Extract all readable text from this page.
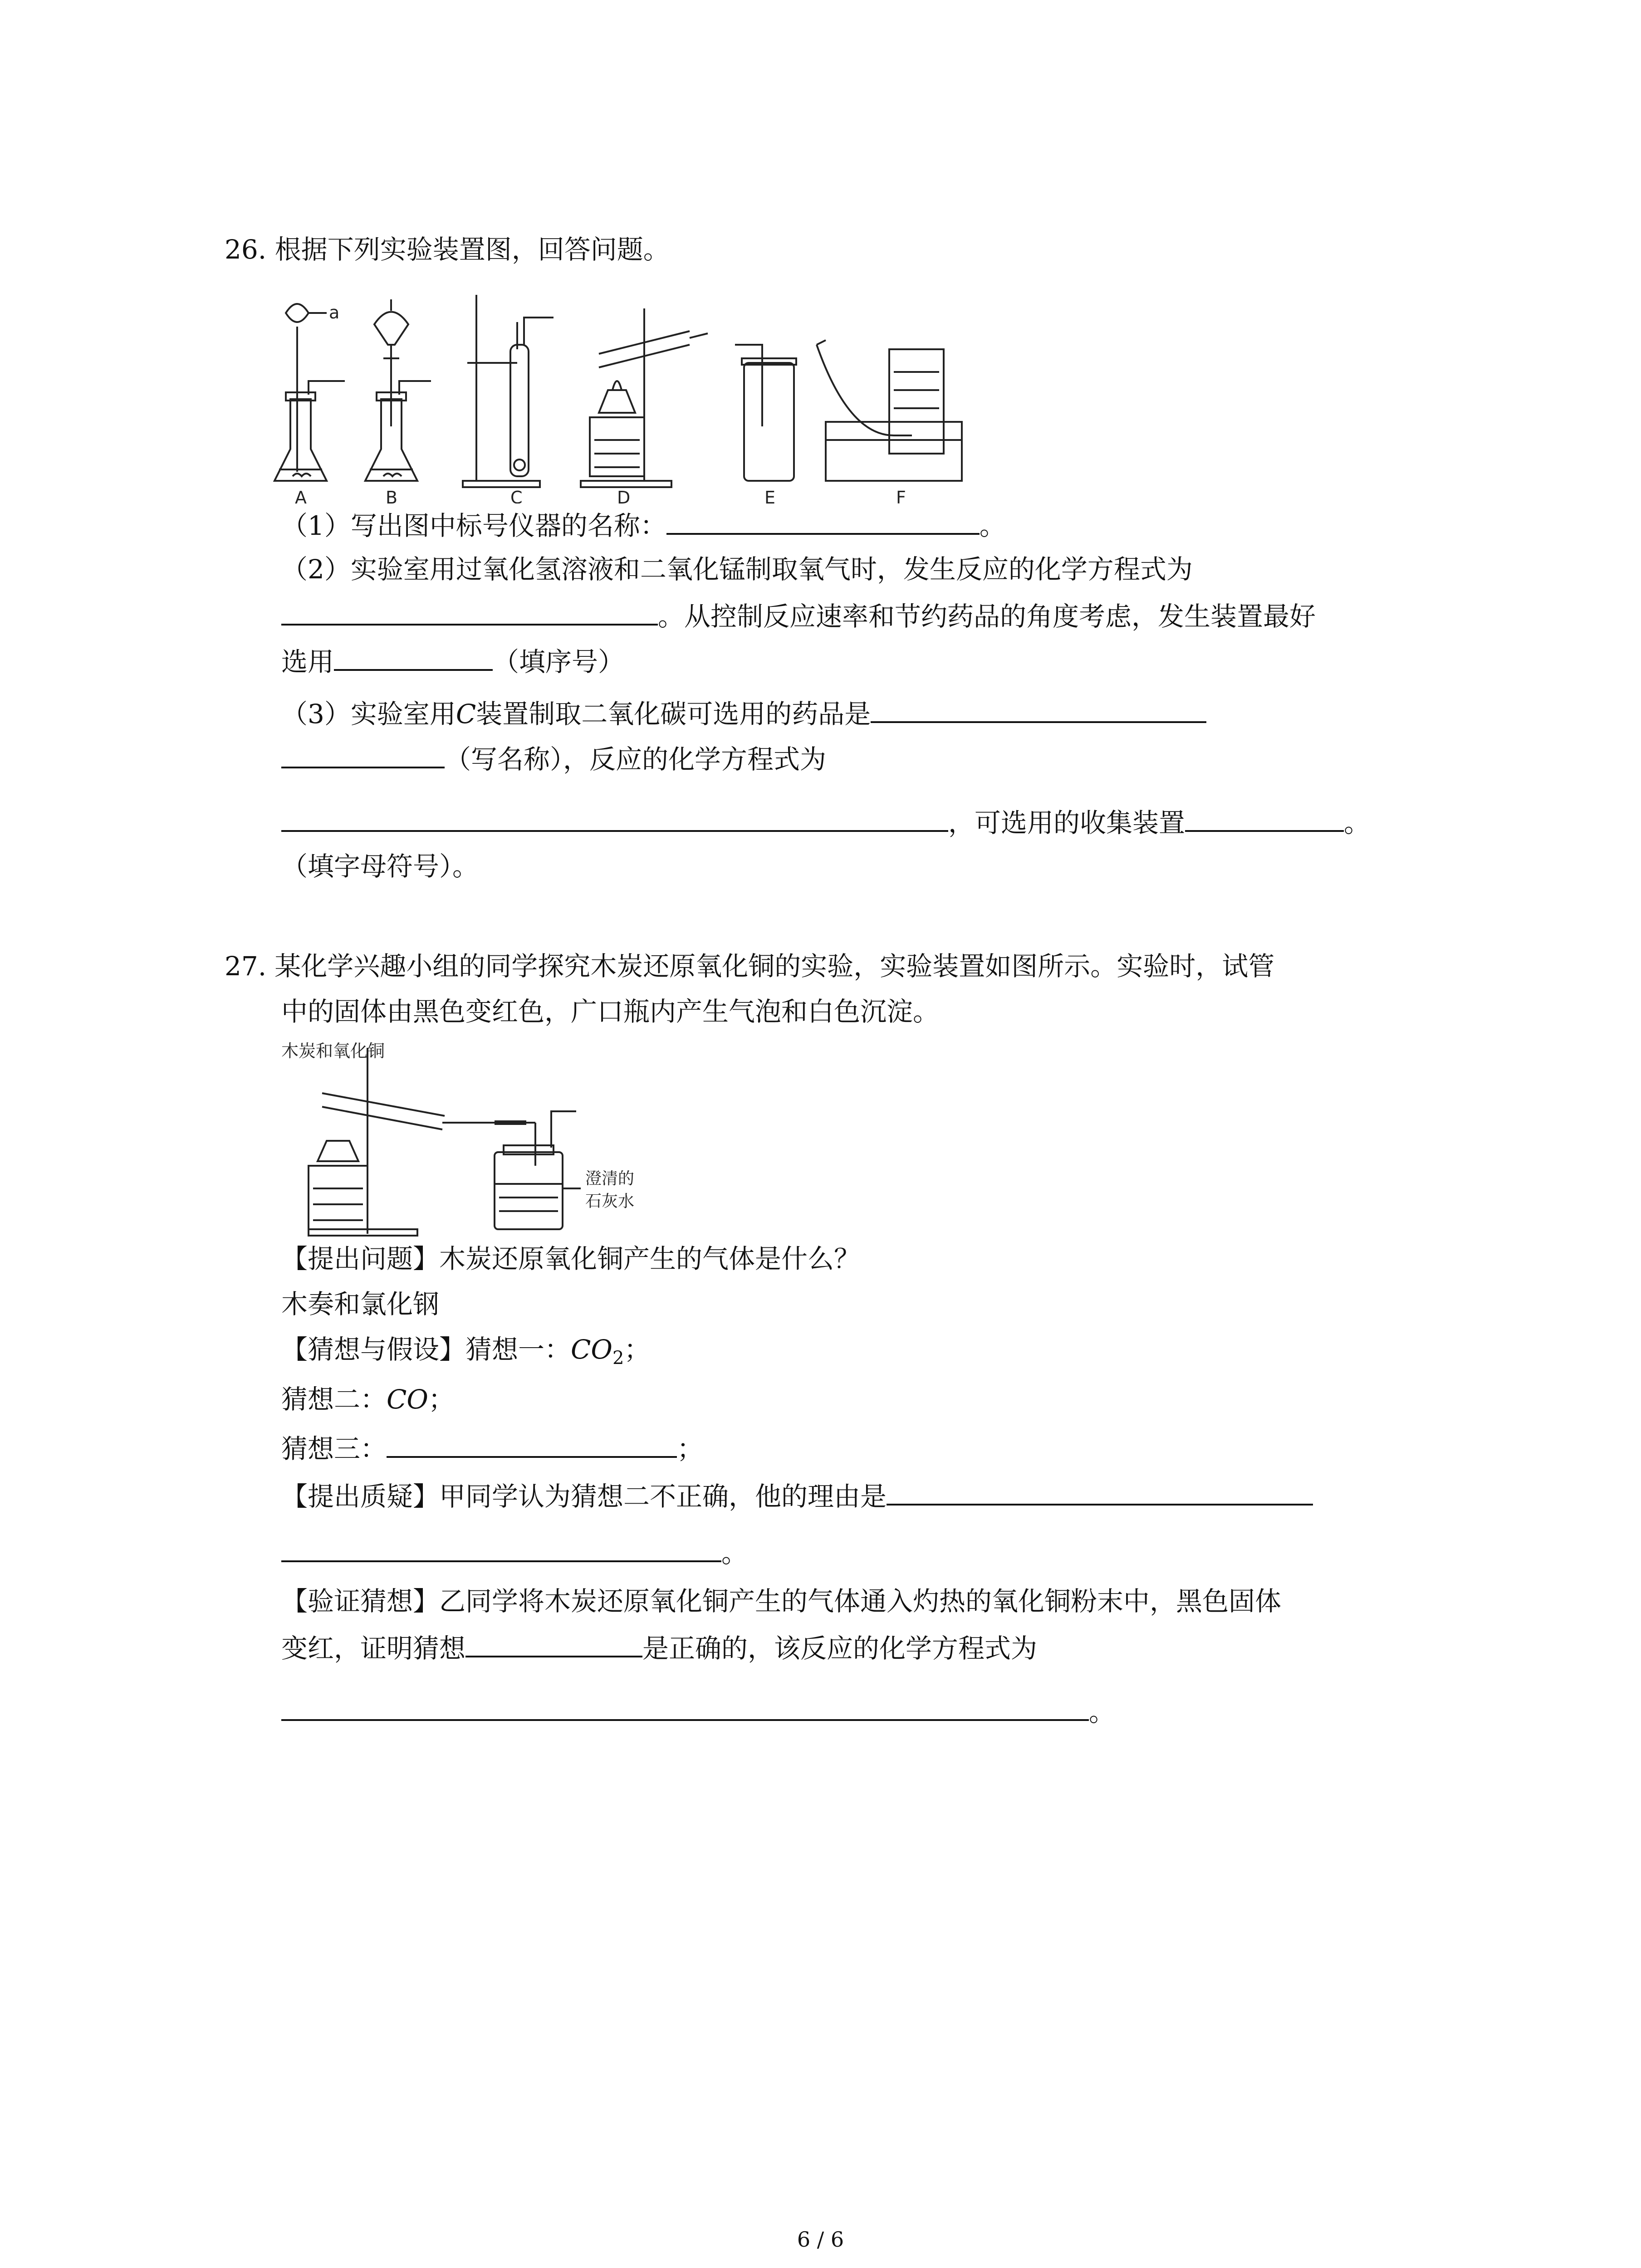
26. 根据下列实验装置图，回答问题。
a
A	B	C	D	E	F
（1）写出图中标号仪器的名称：	。
（2）实验室用过氧化氢溶液和二氧化锰制取氧气时，发生反应的化学方程式为
。从控制反应速率和节约药品的角度考虑，发生装置最好
选用	（填序号）
（3）实验室用C装置制取二氧化碳可选用的药品是
（写名称），反应的化学方程式为
，可选用的收集装置	。
（填字母符号）。
27. 某化学兴趣小组的同学探究木炭还原氧化铜的实验，实验装置如图所示。实验时，试管
中的固体由黑色变红色，广口瓶内产生气泡和白色沉淀。
木炭和氧化铜
澄清的
石灰水
【提出问题】木炭还原氧化铜产生的气体是什么？
木奏和氯化钢
【猜想与假设】猜想一：$CO_2$；
猜想二：CO；
猜想三：	；
【提出质疑】甲同学认为猜想二不正确，他的理由是
。
【验证猜想】乙同学将木炭还原氧化铜产生的气体通入灼热的氧化铜粉末中，黑色固体
变红，证明猜想	是正确的，该反应的化学方程式为
。
6 / 6
